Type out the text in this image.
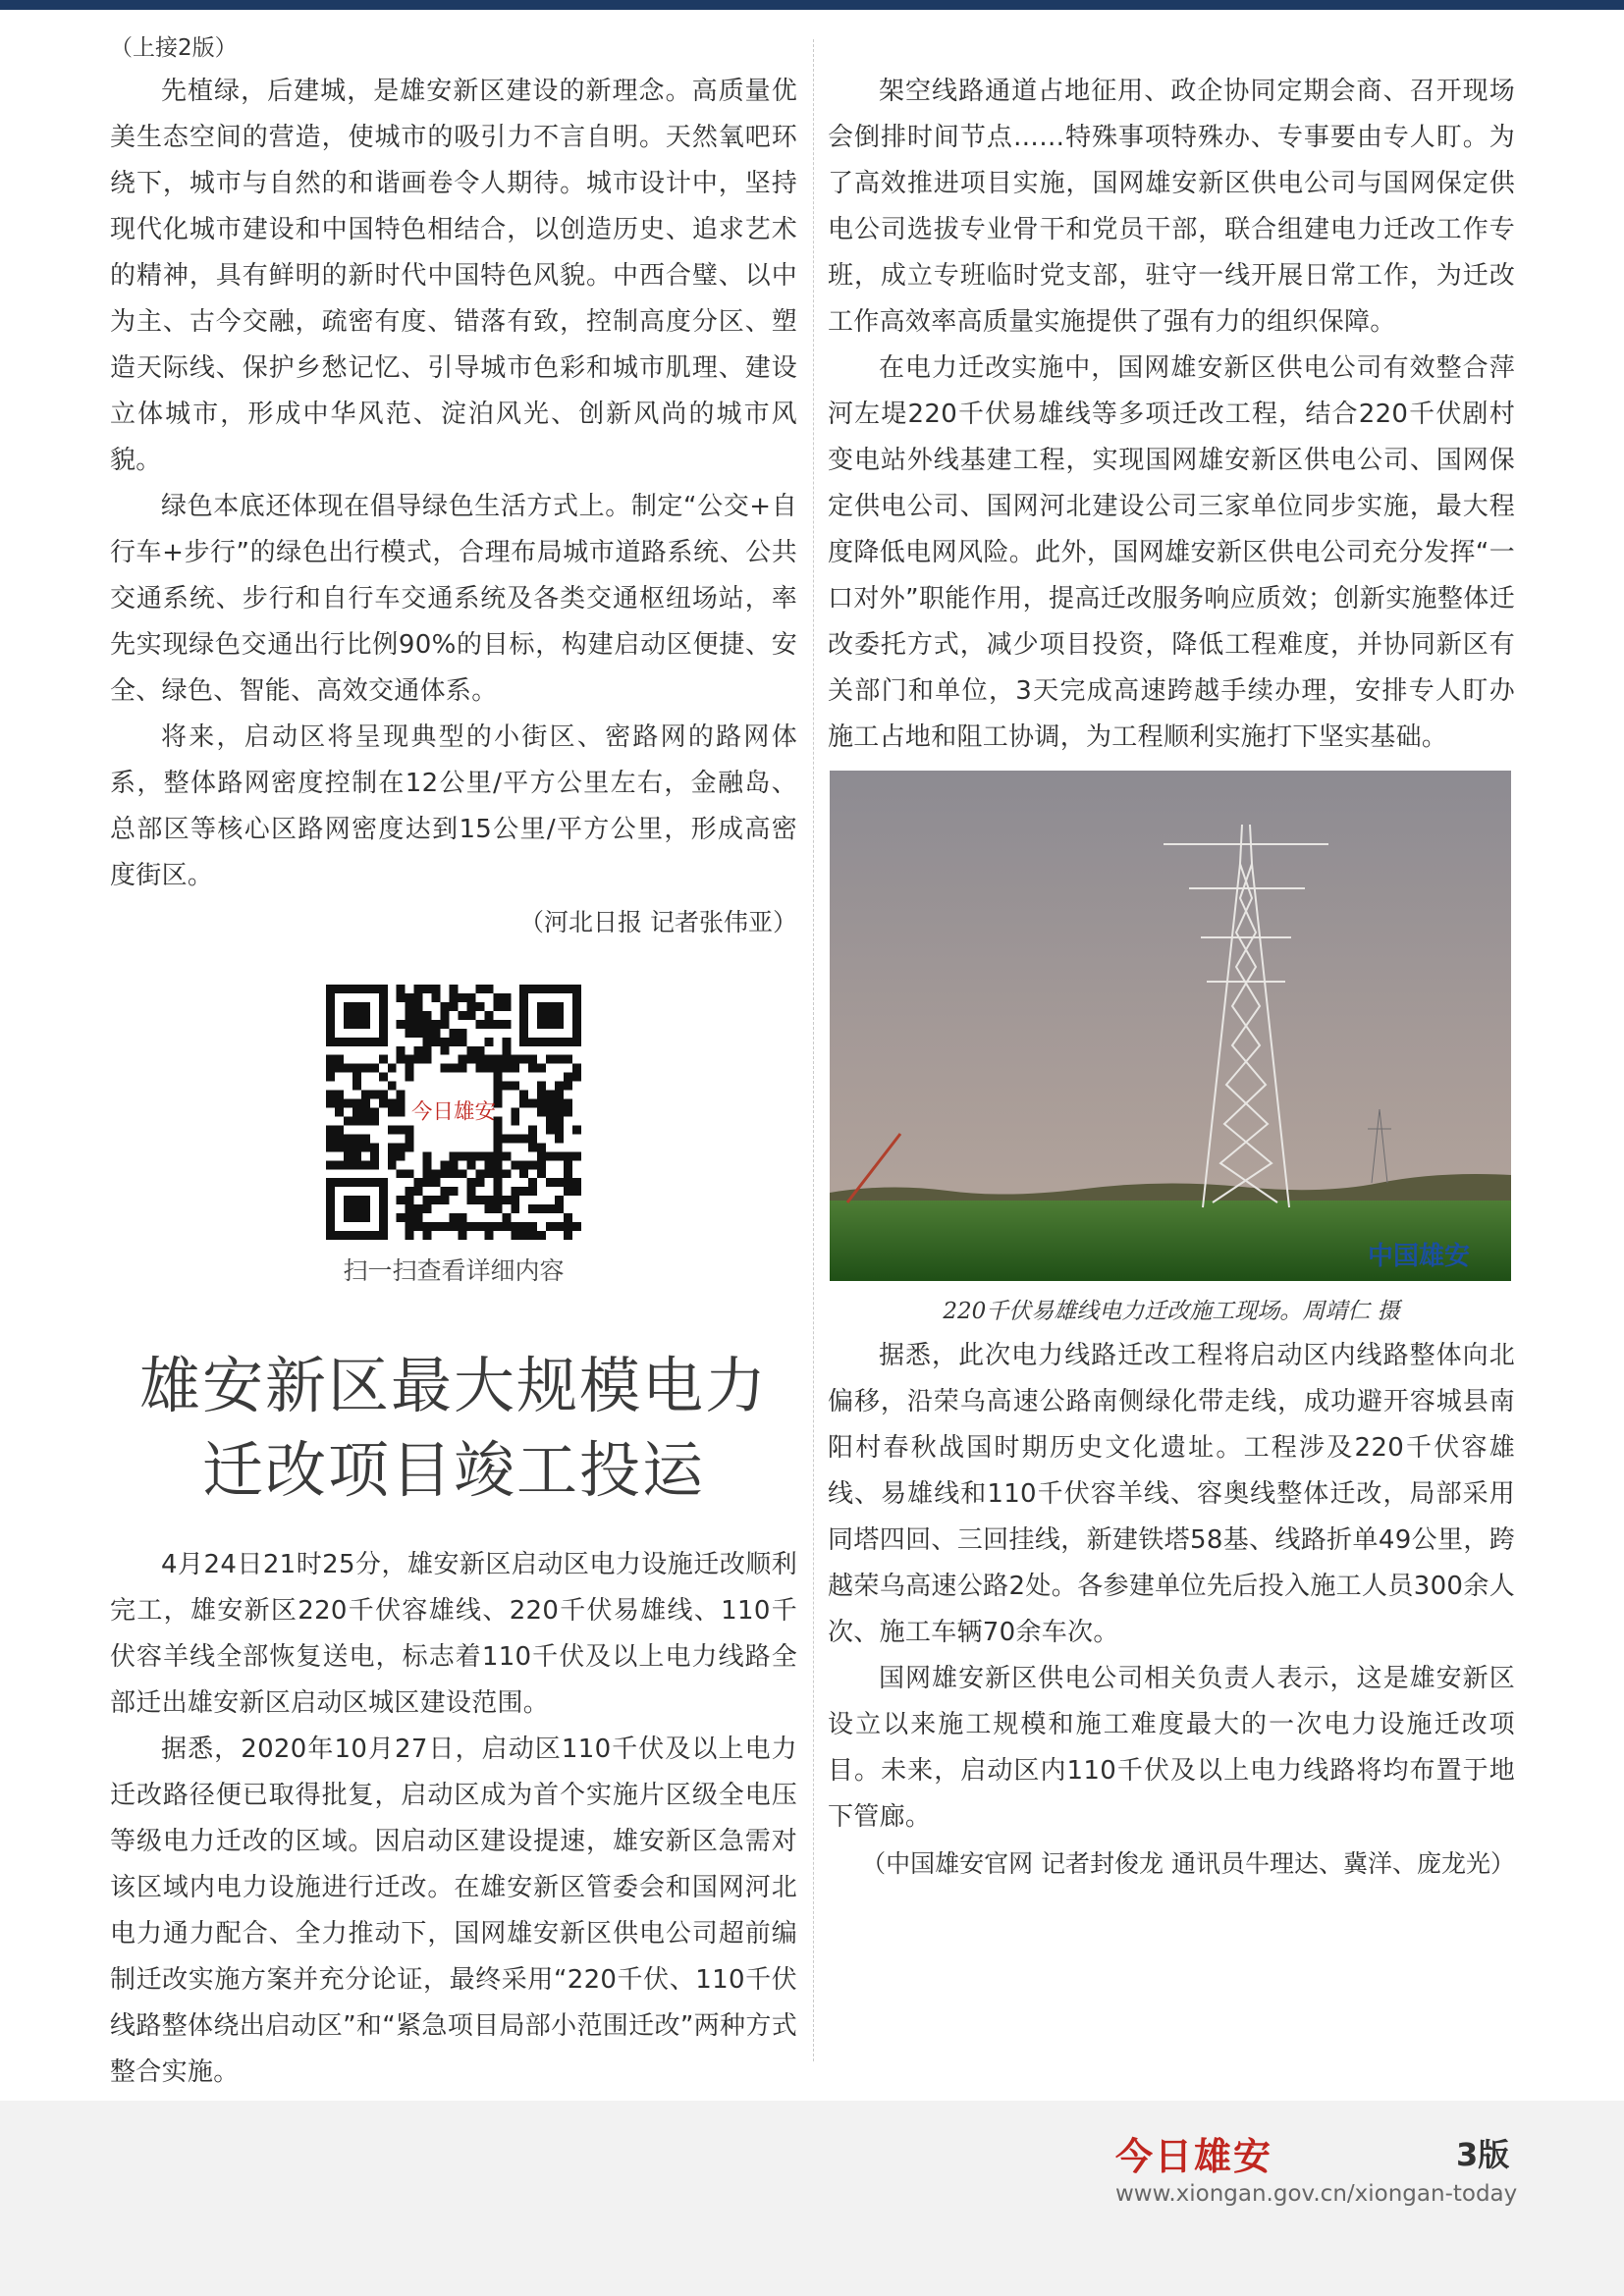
（上接2版）

先植绿，后建城，是雄安新区建设的新理念。高质量优美生态空间的营造，使城市的吸引力不言自明。天然氧吧环绕下，城市与自然的和谐画卷令人期待。城市设计中，坚持现代化城市建设和中国特色相结合，以创造历史、追求艺术的精神，具有鲜明的新时代中国特色风貌。中西合璧、以中为主、古今交融，疏密有度、错落有致，控制高度分区、塑造天际线、保护乡愁记忆、引导城市色彩和城市肌理、建设立体城市，形成中华风范、淀泊风光、创新风尚的城市风貌。

绿色本底还体现在倡导绿色生活方式上。制定“公交+自行车+步行”的绿色出行模式，合理布局城市道路系统、公共交通系统、步行和自行车交通系统及各类交通枢纽场站，率先实现绿色交通出行比例90%的目标，构建启动区便捷、安全、绿色、智能、高效交通体系。

将来，启动区将呈现典型的小街区、密路网的路网体系，整体路网密度控制在12公里/平方公里左右，金融岛、总部区等核心区路网密度达到15公里/平方公里，形成高密度街区。

（河北日报 记者张伟亚）

今日雄安
扫一扫查看详细内容
雄安新区最大规模电力
迁改项目竣工投运

4月24日21时25分，雄安新区启动区电力设施迁改顺利完工，雄安新区220千伏容雄线、220千伏易雄线、110千伏容羊线全部恢复送电，标志着110千伏及以上电力线路全部迁出雄安新区启动区城区建设范围。

据悉，2020年10月27日，启动区110千伏及以上电力迁改路径便已取得批复，启动区成为首个实施片区级全电压等级电力迁改的区域。因启动区建设提速，雄安新区急需对该区域内电力设施进行迁改。在雄安新区管委会和国网河北电力通力配合、全力推动下，国网雄安新区供电公司超前编制迁改实施方案并充分论证，最终采用“220千伏、110千伏线路整体绕出启动区”和“紧急项目局部小范围迁改”两种方式整合实施。

架空线路通道占地征用、政企协同定期会商、召开现场会倒排时间节点……特殊事项特殊办、专事要由专人盯。为了高效推进项目实施，国网雄安新区供电公司与国网保定供电公司选拔专业骨干和党员干部，联合组建电力迁改工作专班，成立专班临时党支部，驻守一线开展日常工作，为迁改工作高效率高质量实施提供了强有力的组织保障。

在电力迁改实施中，国网雄安新区供电公司有效整合萍河左堤220千伏易雄线等多项迁改工程，结合220千伏剧村变电站外线基建工程，实现国网雄安新区供电公司、国网保定供电公司、国网河北建设公司三家单位同步实施，最大程度降低电网风险。此外，国网雄安新区供电公司充分发挥“一口对外”职能作用，提高迁改服务响应质效；创新实施整体迁改委托方式，减少项目投资，降低工程难度，并协同新区有关部门和单位，3天完成高速跨越手续办理，安排专人盯办施工占地和阻工协调，为工程顺利实施打下坚实基础。

中国雄安
220千伏易雄线电力迁改施工现场。周靖仁 摄

据悉，此次电力线路迁改工程将启动区内线路整体向北偏移，沿荣乌高速公路南侧绿化带走线，成功避开容城县南阳村春秋战国时期历史文化遗址。工程涉及220千伏容雄线、易雄线和110千伏容羊线、容奥线整体迁改，局部采用同塔四回、三回挂线，新建铁塔58基、线路折单49公里，跨越荣乌高速公路2处。各参建单位先后投入施工人员300余人次、施工车辆70余车次。

国网雄安新区供电公司相关负责人表示，这是雄安新区设立以来施工规模和施工难度最大的一次电力设施迁改项目。未来，启动区内110千伏及以上电力线路将均布置于地下管廊。

（中国雄安官网 记者封俊龙 通讯员牛理达、冀洋、庞龙光）

今日雄安	3版
www.xiongan.gov.cn/xiongan-today
